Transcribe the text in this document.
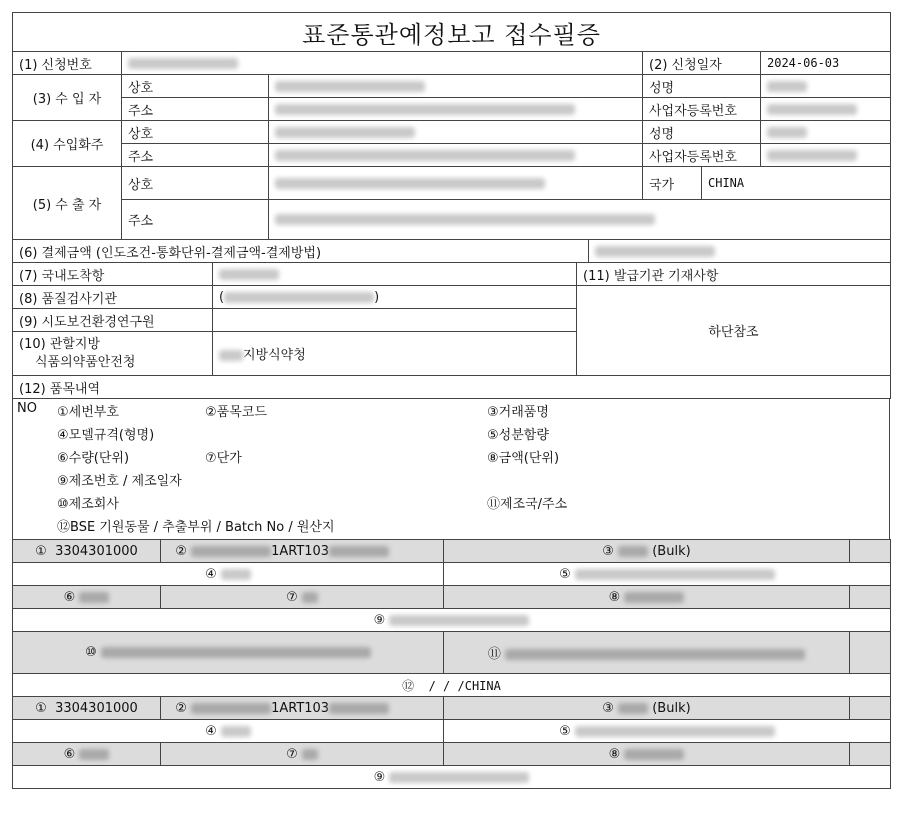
표준통관예정보고 접수필증						
(1) 신청번호				(2) 신청일자		2024-06-03
(3) 수 입 자	상호			성명		
	주소			사업자등록번호		
(4) 수입화주	상호			성명		
	주소			사업자등록번호		
(5) 수 출 자	상호			국가	CHINA	
	주소					
(6) 결제금액 (인도조건-통화단위-결제금액-결제방법)						
(7) 국내도착항		(11) 발급기관 기재사항
(8) 품질검사기관	( )	하단참조
(9) 시도보건환경연구원		

(10) 관할지방
식품의약품안전청	지방식약청	
(12) 품목내역		
NO ①세번부호	②품목코드	③거래품명
④모델규격(형명)	⑤성분함량
⑥수량(단위)	⑦단가	⑧금액(단위)
⑨제조번호 / 제조일자
⑩제조회사	⑪제조국/주소
⑫BSE 기원동물 / 추출부위 / Batch No / 원산지
① 3304301000	② 1ART103	③ (Bulk)	
④		⑤	
⑥	⑦	⑧	
⑨			
⑩		⑪	
⑫ / / /CHINA			
① 3304301000	② 1ART103	③ (Bulk)	
④		⑤	
⑥	⑦	⑧	
⑨			
